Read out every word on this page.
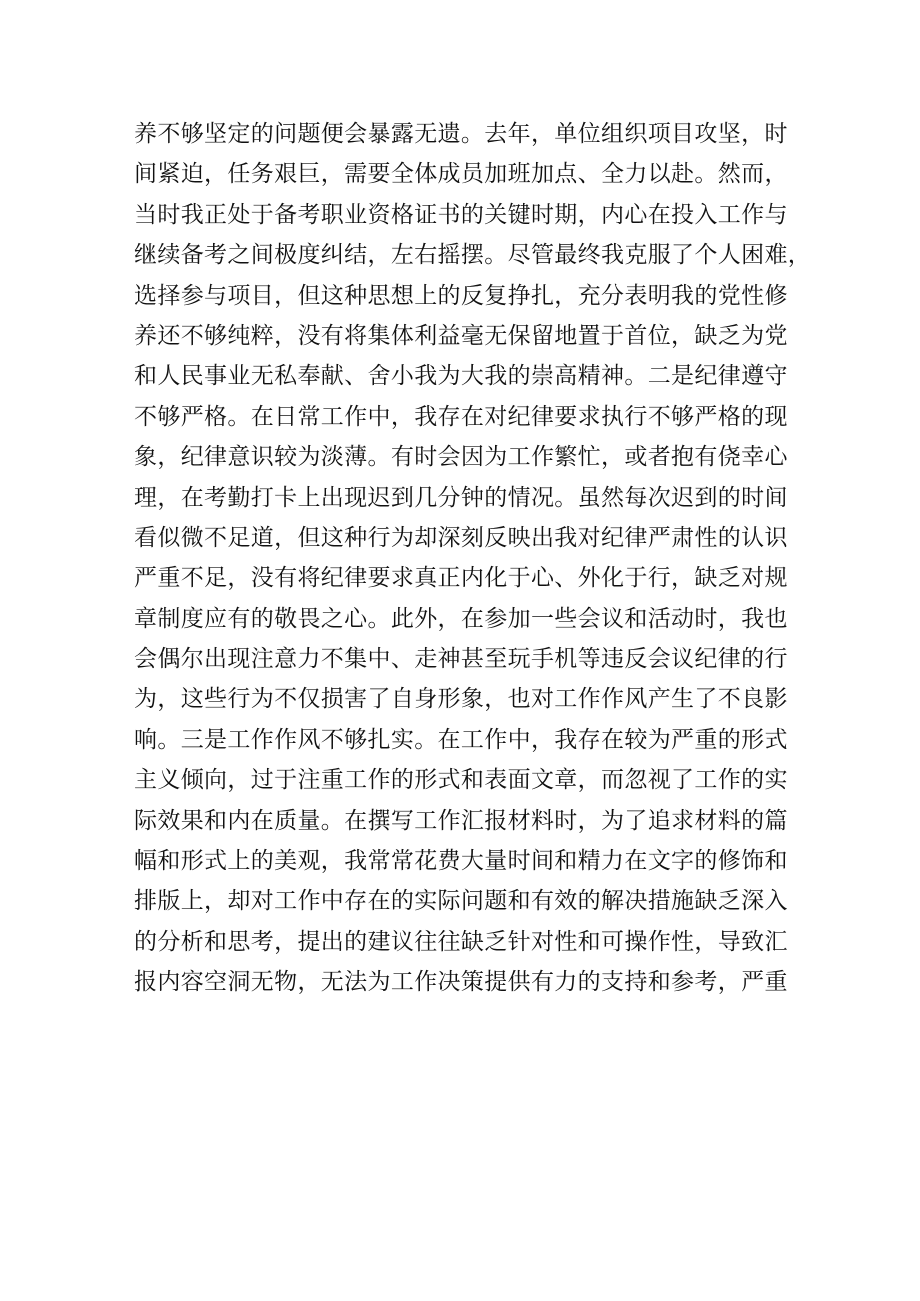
养不够坚定的问题便会暴露无遗。去年，单位组织项目攻坚，时
间紧迫，任务艰巨，需要全体成员加班加点、全力以赴。然而，
当时我正处于备考职业资格证书的关键时期，内心在投入工作与
继续备考之间极度纠结，左右摇摆。尽管最终我克服了个人困难，
选择参与项目，但这种思想上的反复挣扎，充分表明我的党性修
养还不够纯粹，没有将集体利益毫无保留地置于首位，缺乏为党
和人民事业无私奉献、舍小我为大我的崇高精神。二是纪律遵守
不够严格。在日常工作中，我存在对纪律要求执行不够严格的现
象，纪律意识较为淡薄。有时会因为工作繁忙，或者抱有侥幸心
理，在考勤打卡上出现迟到几分钟的情况。虽然每次迟到的时间
看似微不足道，但这种行为却深刻反映出我对纪律严肃性的认识
严重不足，没有将纪律要求真正内化于心、外化于行，缺乏对规
章制度应有的敬畏之心。此外，在参加一些会议和活动时，我也
会偶尔出现注意力不集中、走神甚至玩手机等违反会议纪律的行
为，这些行为不仅损害了自身形象，也对工作作风产生了不良影
响。三是工作作风不够扎实。在工作中，我存在较为严重的形式
主义倾向，过于注重工作的形式和表面文章，而忽视了工作的实
际效果和内在质量。在撰写工作汇报材料时，为了追求材料的篇
幅和形式上的美观，我常常花费大量时间和精力在文字的修饰和
排版上，却对工作中存在的实际问题和有效的解决措施缺乏深入
的分析和思考，提出的建议往往缺乏针对性和可操作性，导致汇
报内容空洞无物，无法为工作决策提供有力的支持和参考，严重
